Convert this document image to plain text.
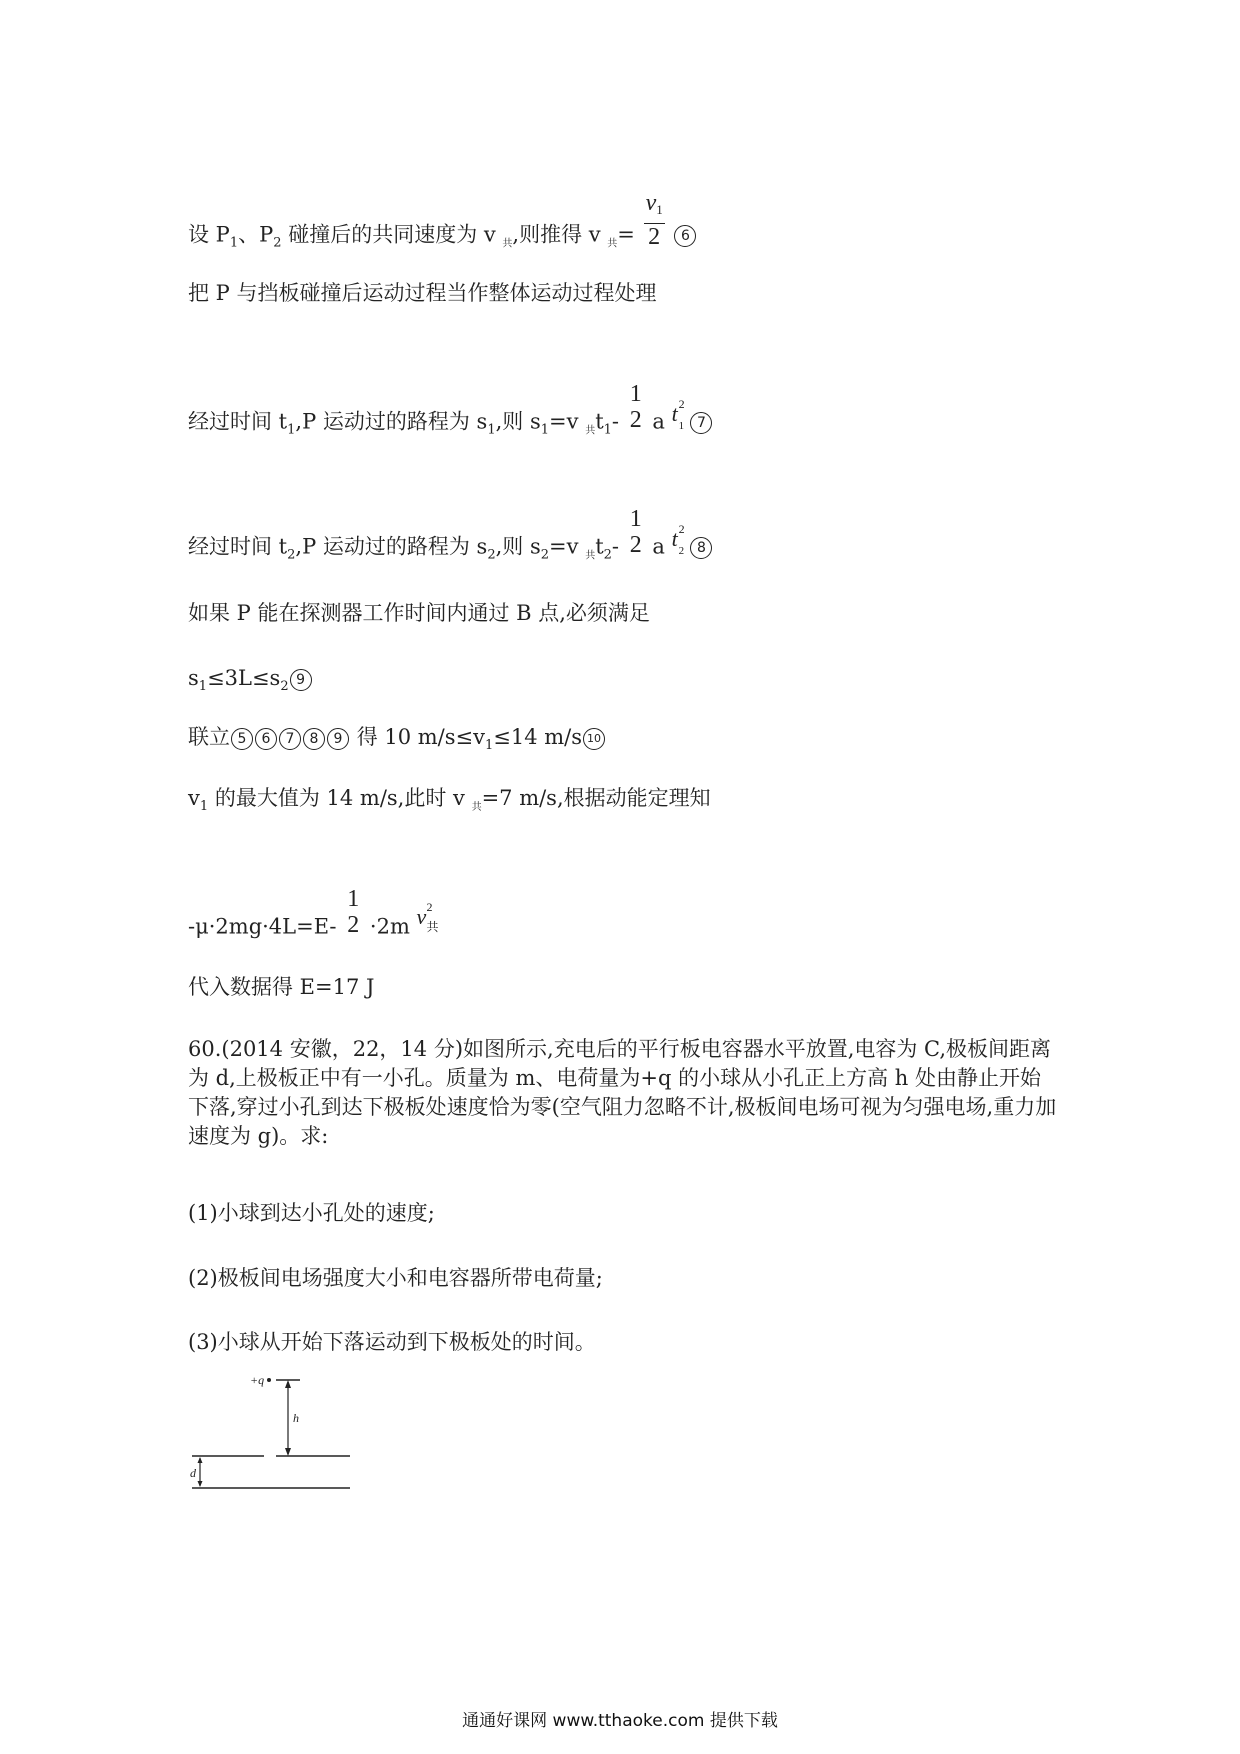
设 $P_1$、$P_2$ 碰撞后的共同速度为 v $_共$,则推得 v $_共= \frac{v1}{2} 6$
把 P 与挡板碰撞后运动过程当作整体运动过程处理
经过时间 $t_1,P$ 运动过的路程为 $s_1$,则 $s_1=v$ $_共t_1-$
1
2 a t 2
1 7
经过时间 $t_2,P$ 运动过的路程为 $s_2$,则 $s_2=v$ $_共t_2-$
1
2 a t 2
2 8
如果 P 能在探测器工作时间内通过 B 点,必须满足
$s_1\le 3L\le s_2$ 9
联立 5 6 7 8 9 得 10 $m/s\le v_1\le 14$ m/s 10
$v_1$ 的最大值为 14 m/s,此时 v $_共$=7 m/s,根据动能定理知
-μ·2mg·4L=E-
1
2 ·2m v 2
共
代入数据得 E=17 J
60.(2014 安徽，22，14 分)如图所示,充电后的平行板电容器水平放置,电容为 C,极板间距离为 d,上极板正中有一小孔。质量为 m、电荷量为+q 的小球从小孔正上方高 h 处由静止开始下落,穿过小孔到达下极板处速度恰为零(空气阻力忽略不计,极板间电场可视为匀强电场,重力加速度为 g)。求:
(1)小球到达小孔处的速度;
(2)极板间电场强度大小和电容器所带电荷量;
(3)小球从开始下落运动到下极板处的时间。
+q
h
d
通通好课网 www.tthaoke.com 提供下载
